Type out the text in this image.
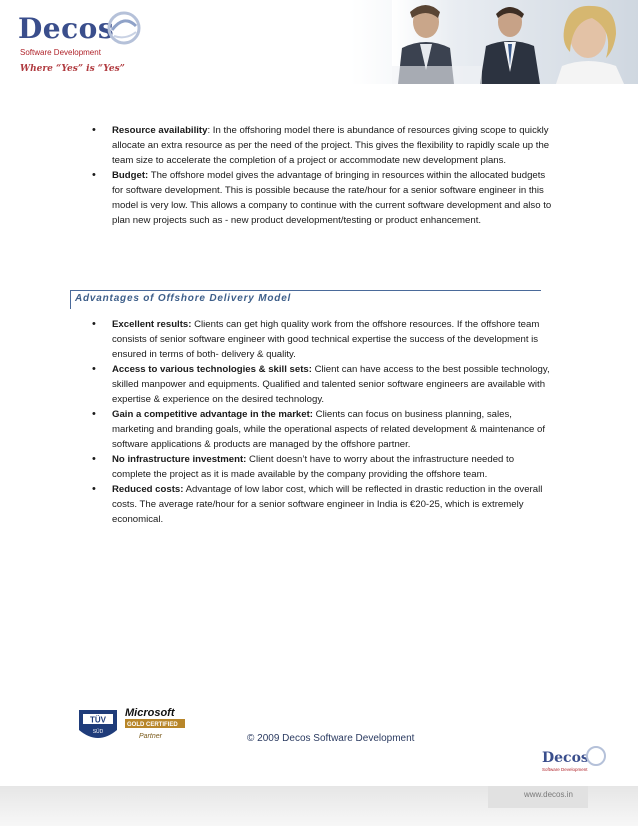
Decos
Software Development
Where “Yes” is “Yes”
• Resource availability: In the offshoring model there is abundance of resources giving scope to quickly allocate an extra resource as per the need of the project. This gives the flexibility to rapidly scale up the team size to accelerate the completion of a project or accommodate new development plans.
• Budget: The offshore model gives the advantage of bringing in resources within the allocated budgets for software development. This is possible because the rate/hour for a senior software engineer in this model is very low. This allows a company to continue with the current software development and also to plan new projects such as - new product development/testing or product enhancement.
Advantages of Offshore Delivery Model
• Excellent results: Clients can get high quality work from the offshore resources. If the offshore team consists of senior software engineer with good technical expertise the success of the development is ensured in terms of both- delivery & quality.
• Access to various technologies & skill sets: Client can have access to the best possible technology, skilled manpower and equipments. Qualified and talented senior software engineers are available with expertise & experience on the desired technology.
• Gain a competitive advantage in the market: Clients can focus on business planning, sales, marketing and branding goals, while the operational aspects of related development & maintenance of software applications & products are managed by the offshore partner.
• No infrastructure investment: Client doesn’t have to worry about the infrastructure needed to complete the project as it is made available by the company providing the offshore team.
• Reduced costs: Advantage of low labor cost, which will be reflected in drastic reduction in the overall costs. The average rate/hour for a senior software engineer in India is €20-25, which is extremely economical.
TÜV
SÜD
Microsoft
GOLD CERTIFIED
Partner	© 2009 Decos Software Development
Decos
Software Development
www.decos.in
